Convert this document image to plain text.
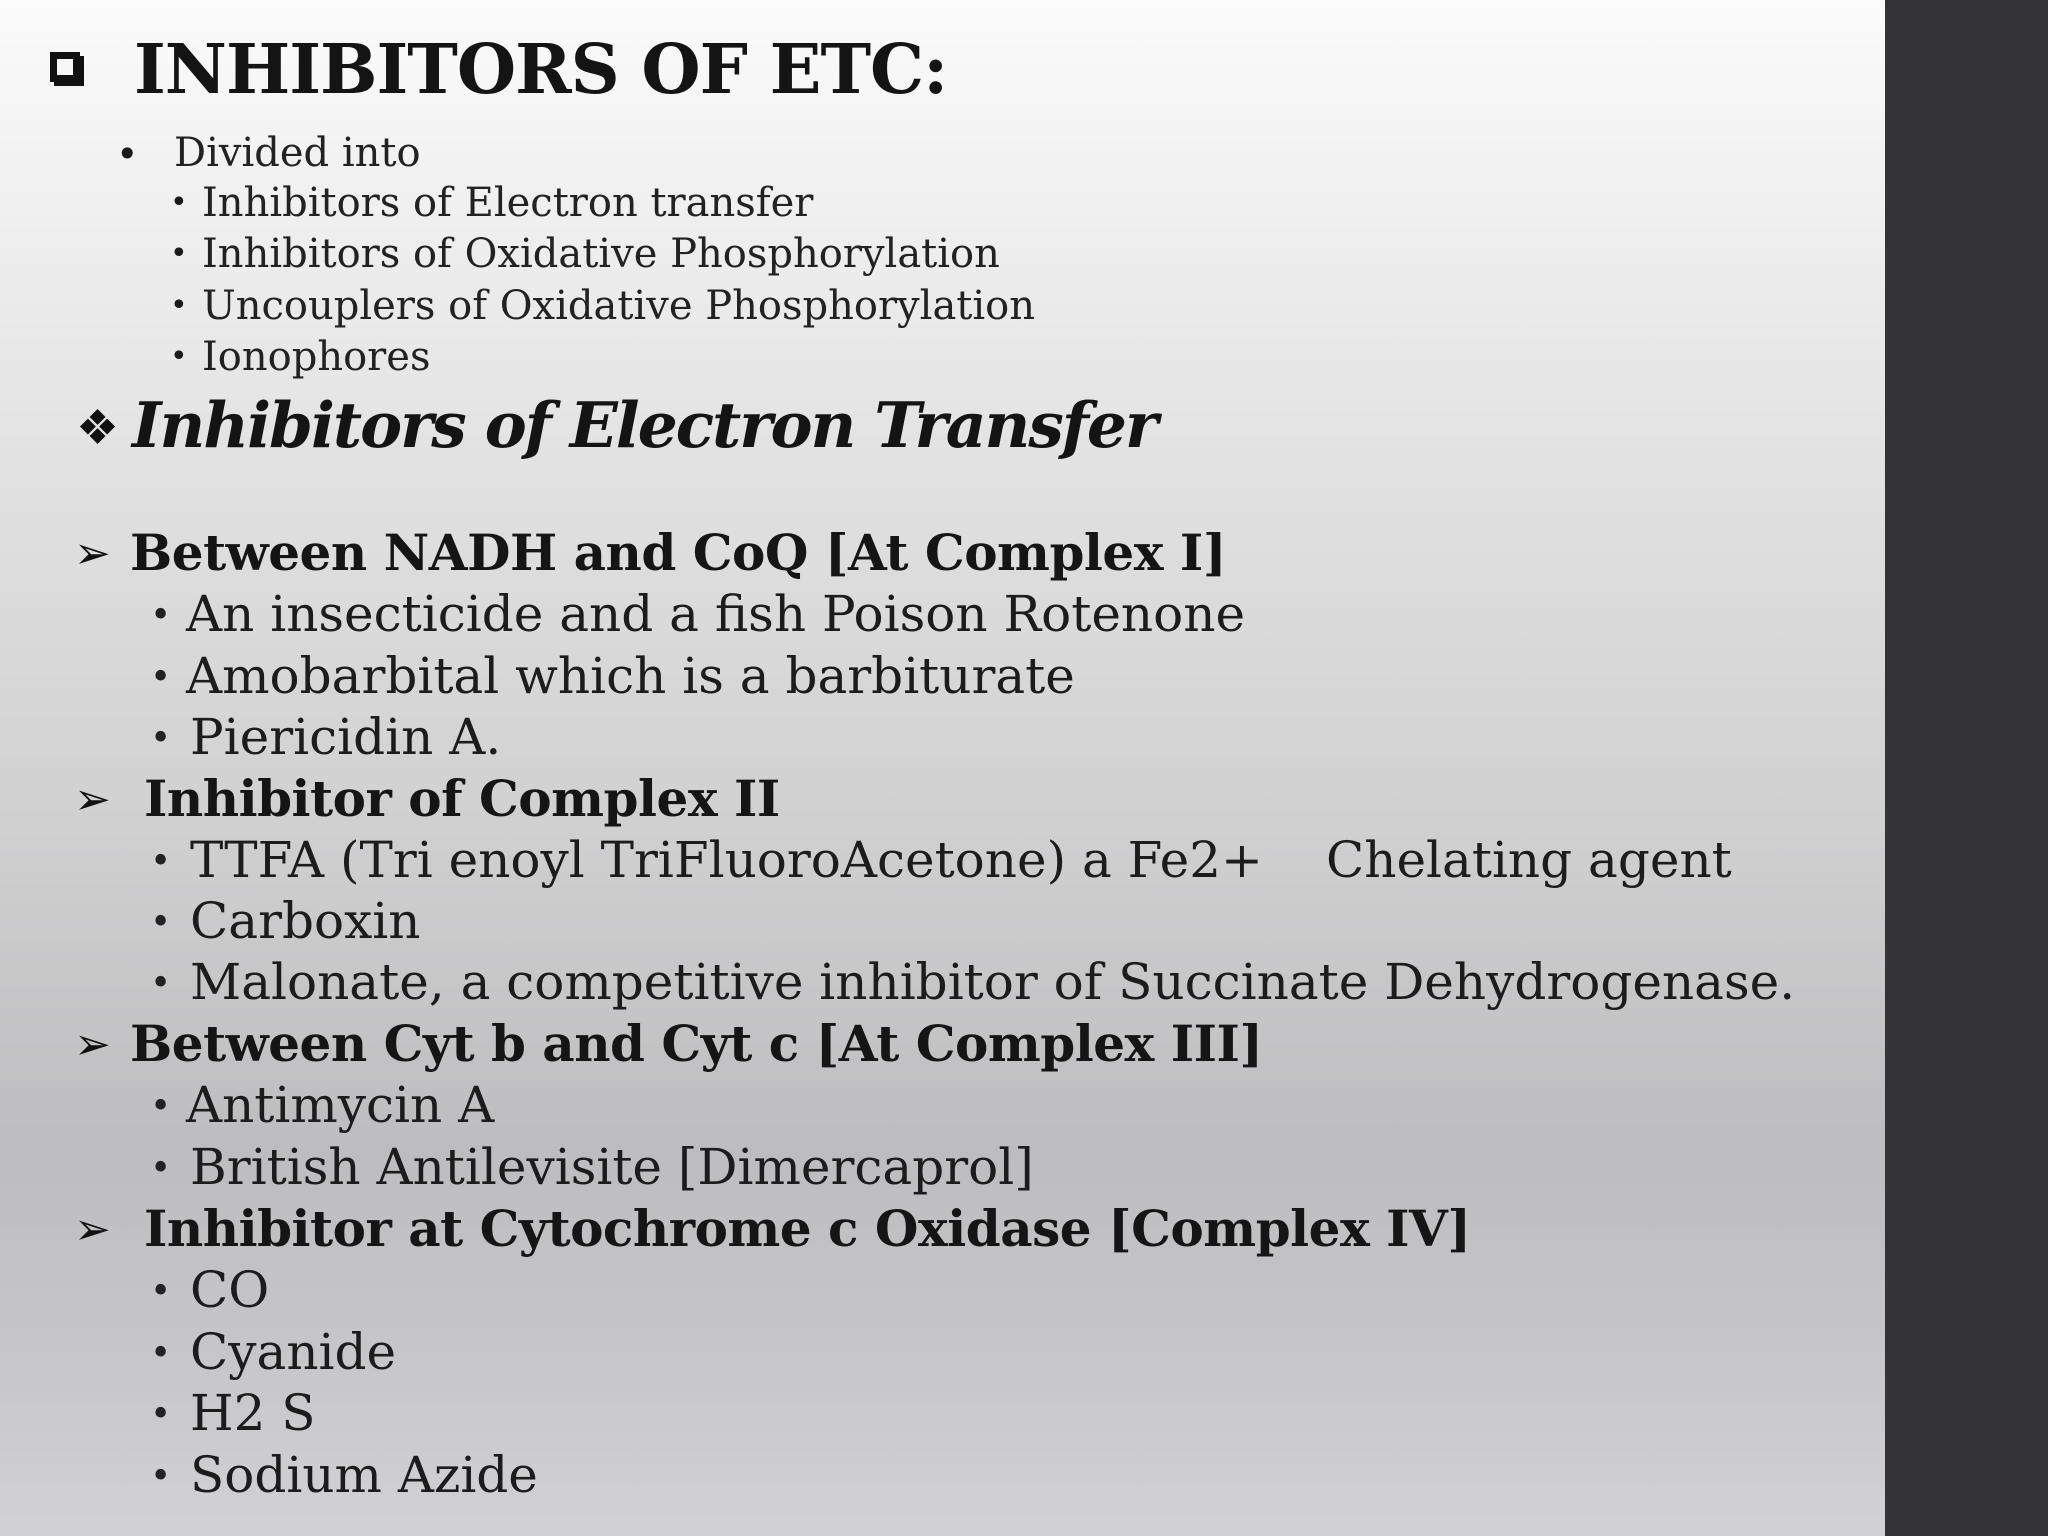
INHIBITORS OF ETC:
• Divided into
• Inhibitors of Electron transfer
• Inhibitors of Oxidative Phosphorylation
• Uncouplers of Oxidative Phosphorylation
• Ionophores
❖ Inhibitors of Electron Transfer
➢ Between NADH and CoQ [At Complex I]
• An insecticide and a fish Poison Rotenone
• Amobarbital which is a barbiturate
• Piericidin A.
➢ Inhibitor of Complex II
• TTFA (Tri enoyl TriFluoroAcetone) a Fe2+ Chelating agent
• Carboxin
• Malonate, a competitive inhibitor of Succinate Dehydrogenase.
➢ Between Cyt b and Cyt c [At Complex III]
• Antimycin A
• British Antilevisite [Dimercaprol]
➢ Inhibitor at Cytochrome c Oxidase [Complex IV]
• CO
• Cyanide
• H2 S
• Sodium Azide
